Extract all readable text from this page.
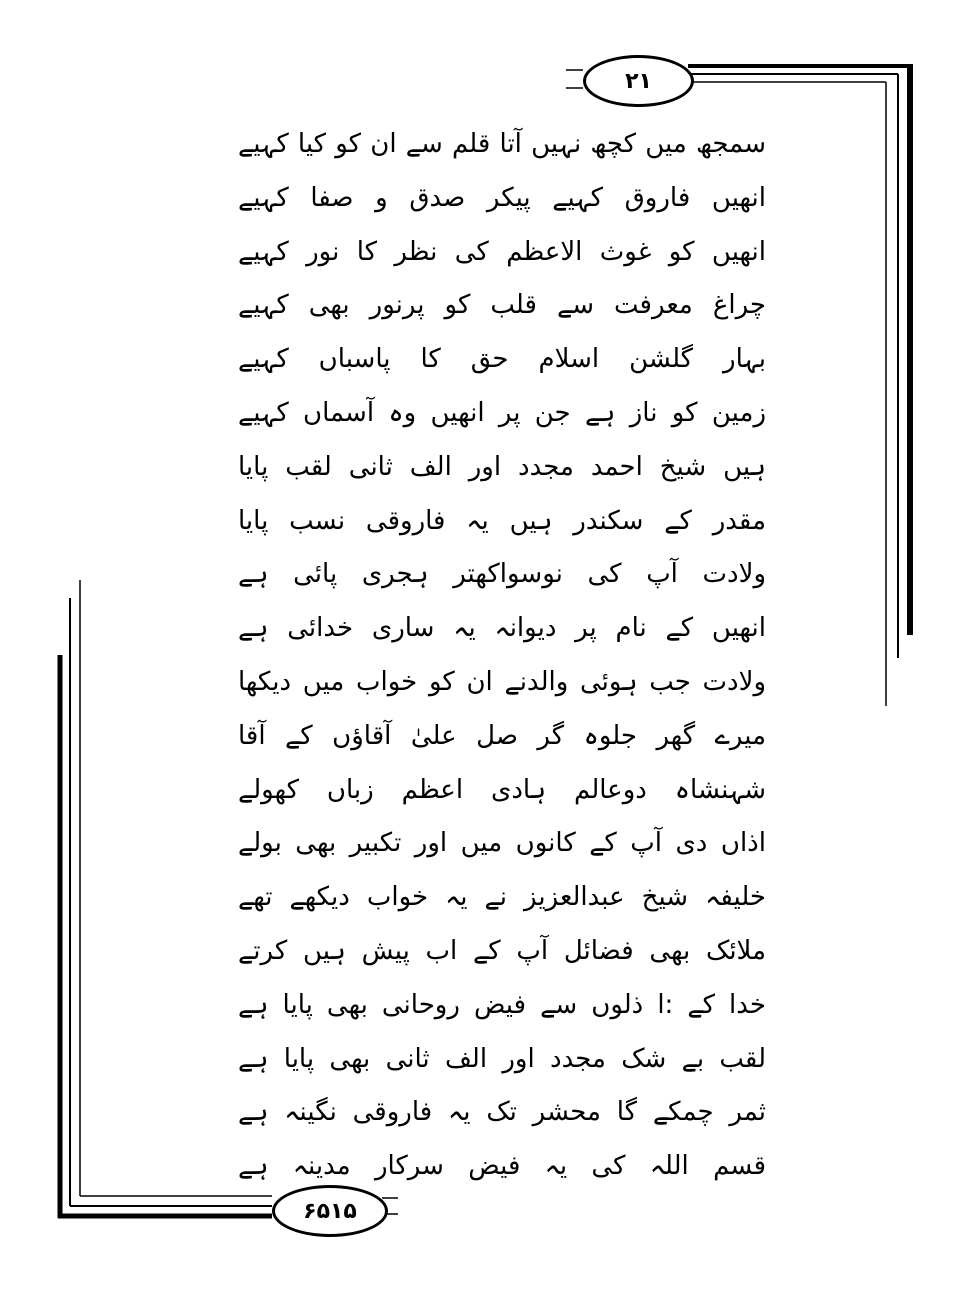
۲۱
سمجھ میں کچھ نہیں آتا قلم سے ان کو کیا کہیے
انھیں فاروق کہیے پیکر صدق و صفا کہیے
انھیں کو غوث الاعظم کی نظر کا نور کہیے
چراغ معرفت سے قلب کو پرنور بھی کہیے
بہار گلشن اسلام حق کا پاسباں کہیے
زمین کو ناز ہے جن پر انھیں وہ آسماں کہیے
ہیں شیخ احمد مجدد اور الف ثانی لقب پایا
مقدر کے سکندر ہیں یہ فاروقی نسب پایا
ولادت آپ کی نوسواکھتر ہجری پائی ہے
انھیں کے نام پر دیوانہ یہ ساری خدائی ہے
ولادت جب ہوئی والدنے ان کو خواب میں دیکھا
میرے گھر جلوہ گر صل علیٰ آقاؤں کے آقا
شہنشاہ دوعالم ہادی اعظم زباں کھولے
اذاں دی آپ کے کانوں میں اور تکبیر بھی بولے
خلیفہ شیخ عبدالعزیز نے یہ خواب دیکھے تھے
ملائک بھی فضائل آپ کے اب پیش ہیں کرتے
خدا کے :ا ذلوں سے فیض روحانی بھی پایا ہے
لقب بے شک مجدد اور الف ثانی بھی پایا ہے
ثمر چمکے گا محشر تک یہ فاروقی نگینہ ہے
قسم اللہ کی یہ فیض سرکار مدینہ ہے
۶۵۱۵
